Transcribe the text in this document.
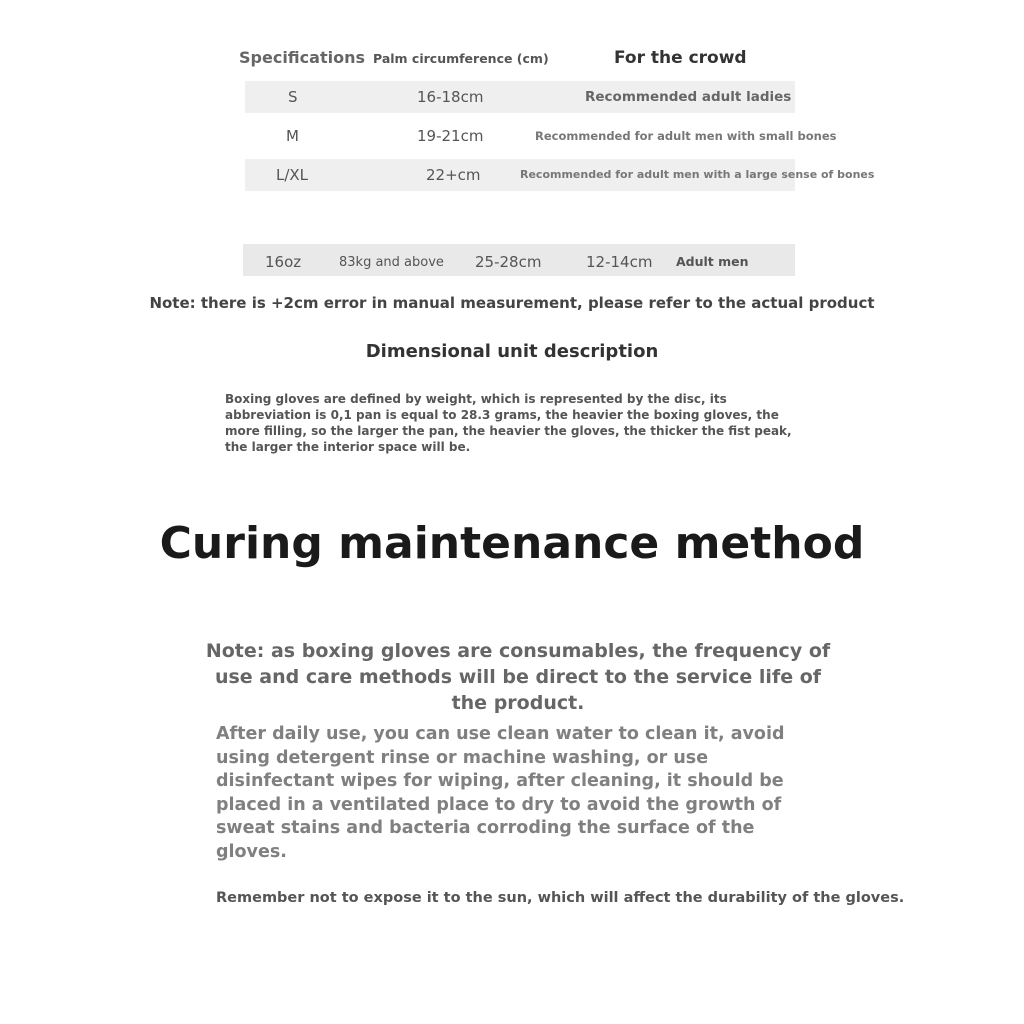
Specifications Palm circumference (cm)	For the crowd
S	16-18cm	Recommended adult ladies
M	19-21cm	Recommended for adult men with small bones
L/XL	22+cm	Recommended for adult men with a large sense of bones
16oz	83kg and above 25-28cm	12-14cm Adult men
Note: there is +2cm error in manual measurement, please refer to the actual product
Dimensional unit description
Boxing gloves are defined by weight, which is represented by the disc, its abbreviation is 0,1 pan is equal to 28.3 grams, the heavier the boxing gloves, the more filling, so the larger the pan, the heavier the gloves, the thicker the fist peak, the larger the interior space will be.
Curing maintenance method
Note: as boxing gloves are consumables, the frequency of use and care methods will be direct to the service life of the product.
After daily use, you can use clean water to clean it, avoid using detergent rinse or machine washing, or use disinfectant wipes for wiping, after cleaning, it should be placed in a ventilated place to dry to avoid the growth of sweat stains and bacteria corroding the surface of the gloves.
Remember not to expose it to the sun, which will affect the durability of the gloves.
